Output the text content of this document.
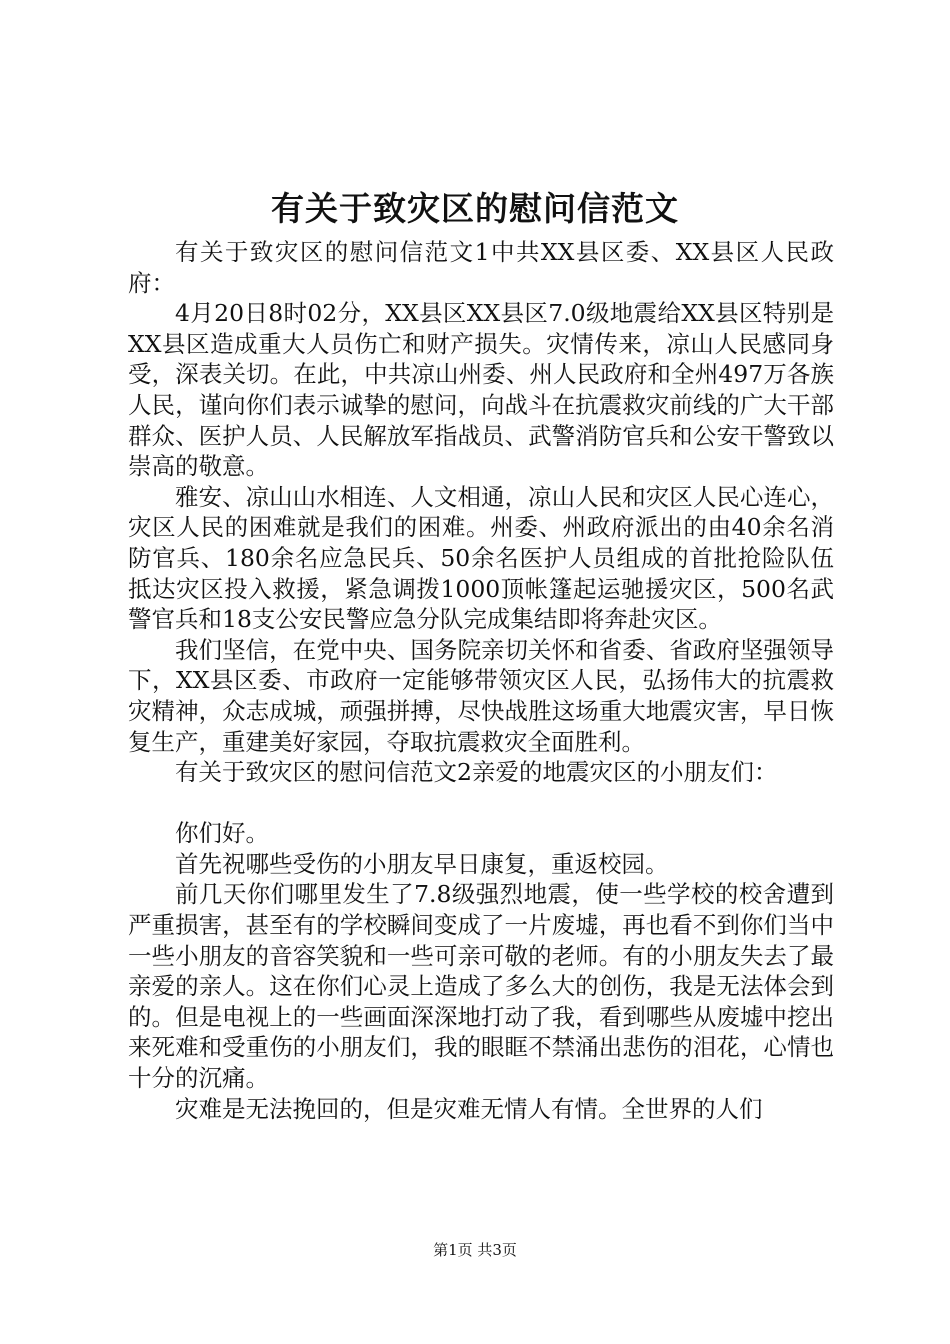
有关于致灾区的慰问信范文

有关于致灾区的慰问信范文1中共XX县区委、XX县区人民政府：

4月20日8时02分，XX县区XX县区7.0级地震给XX县区特别是XX县区造成重大人员伤亡和财产损失。灾情传来，凉山人民感同身受，深表关切。在此，中共凉山州委、州人民政府和全州497万各族人民，谨向你们表示诚挚的慰问，向战斗在抗震救灾前线的广大干部群众、医护人员、人民解放军指战员、武警消防官兵和公安干警致以崇高的敬意。

雅安、凉山山水相连、人文相通，凉山人民和灾区人民心连心，灾区人民的困难就是我们的困难。州委、州政府派出的由40余名消防官兵、180余名应急民兵、50余名医护人员组成的首批抢险队伍抵达灾区投入救援，紧急调拨1000顶帐篷起运驰援灾区，500名武警官兵和18支公安民警应急分队完成集结即将奔赴灾区。

我们坚信，在党中央、国务院亲切关怀和省委、省政府坚强领导下，XX县区委、市政府一定能够带领灾区人民，弘扬伟大的抗震救灾精神，众志成城，顽强拼搏，尽快战胜这场重大地震灾害，早日恢复生产，重建美好家园，夺取抗震救灾全面胜利。

有关于致灾区的慰问信范文2亲爱的地震灾区的小朋友们：

你们好。

首先祝哪些受伤的小朋友早日康复，重返校园。

前几天你们哪里发生了7.8级强烈地震，使一些学校的校舍遭到严重损害，甚至有的学校瞬间变成了一片废墟，再也看不到你们当中一些小朋友的音容笑貌和一些可亲可敬的老师。有的小朋友失去了最亲爱的亲人。这在你们心灵上造成了多么大的创伤，我是无法体会到的。但是电视上的一些画面深深地打动了我，看到哪些从废墟中挖出来死难和受重伤的小朋友们，我的眼眶不禁涌出悲伤的泪花，心情也十分的沉痛。

灾难是无法挽回的，但是灾难无情人有情。全世界的人们

第1页 共3页
